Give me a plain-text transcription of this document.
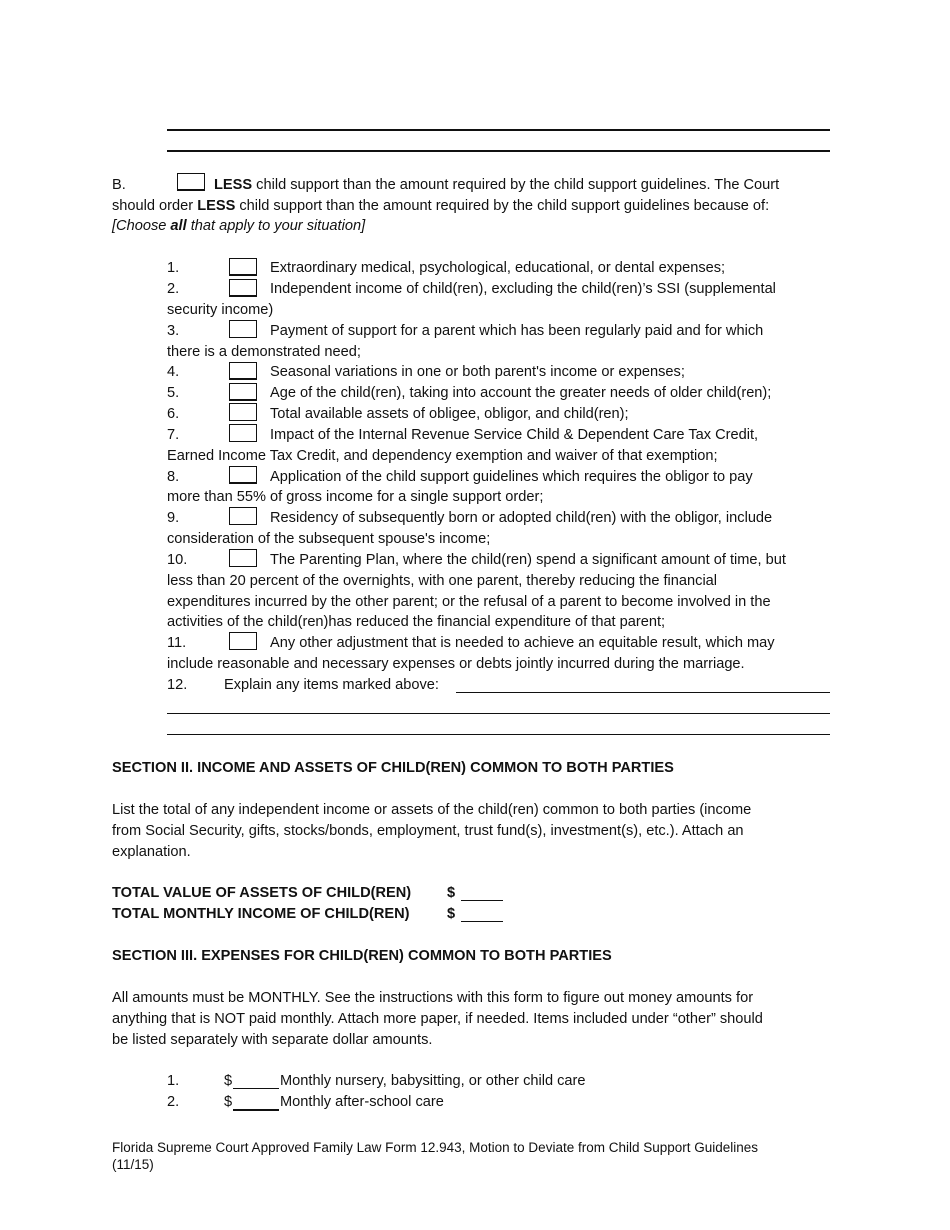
B.	LESS child support than the amount required by the child support guidelines. The Court
should order LESS child support than the amount required by the child support guidelines because of:
[Choose all that apply to your situation]
1.	Extraordinary medical, psychological, educational, or dental expenses;
2.	Independent income of child(ren), excluding the child(ren)’s SSI (supplemental
security income)
3.	Payment of support for a parent which has been regularly paid and for which
there is a demonstrated need;
4.	Seasonal variations in one or both parent's income or expenses;
5.	Age of the child(ren), taking into account the greater needs of older child(ren);
6.	Total available assets of obligee, obligor, and child(ren);
7.	Impact of the Internal Revenue Service Child & Dependent Care Tax Credit,
Earned Income Tax Credit, and dependency exemption and waiver of that exemption;
8.	Application of the child support guidelines which requires the obligor to pay
more than 55% of gross income for a single support order;
9.	Residency of subsequently born or adopted child(ren) with the obligor, include
consideration of the subsequent spouse's income;
10.	The Parenting Plan, where the child(ren) spend a significant amount of time, but
less than 20 percent of the overnights, with one parent, thereby reducing the financial
expenditures incurred by the other parent; or the refusal of a parent to become involved in the
activities of the child(ren)has reduced the financial expenditure of that parent;
11.	Any other adjustment that is needed to achieve an equitable result, which may
include reasonable and necessary expenses or debts jointly incurred during the marriage.
12.	Explain any items marked above:
SECTION II. INCOME AND ASSETS OF CHILD(REN) COMMON TO BOTH PARTIES
List the total of any independent income or assets of the child(ren) common to both parties (income
from Social Security, gifts, stocks/bonds, employment, trust fund(s), investment(s), etc.). Attach an
explanation.
TOTAL VALUE OF ASSETS OF CHILD(REN) $
TOTAL MONTHLY INCOME OF CHILD(REN)	$
SECTION III. EXPENSES FOR CHILD(REN) COMMON TO BOTH PARTIES
All amounts must be MONTHLY. See the instructions with this form to figure out money amounts for
anything that is NOT paid monthly. Attach more paper, if needed. Items included under “other” should
be listed separately with separate dollar amounts.
1.	$	Monthly nursery, babysitting, or other child care
2.	$	Monthly after-school care
Florida Supreme Court Approved Family Law Form 12.943, Motion to Deviate from Child Support Guidelines
(11/15)
